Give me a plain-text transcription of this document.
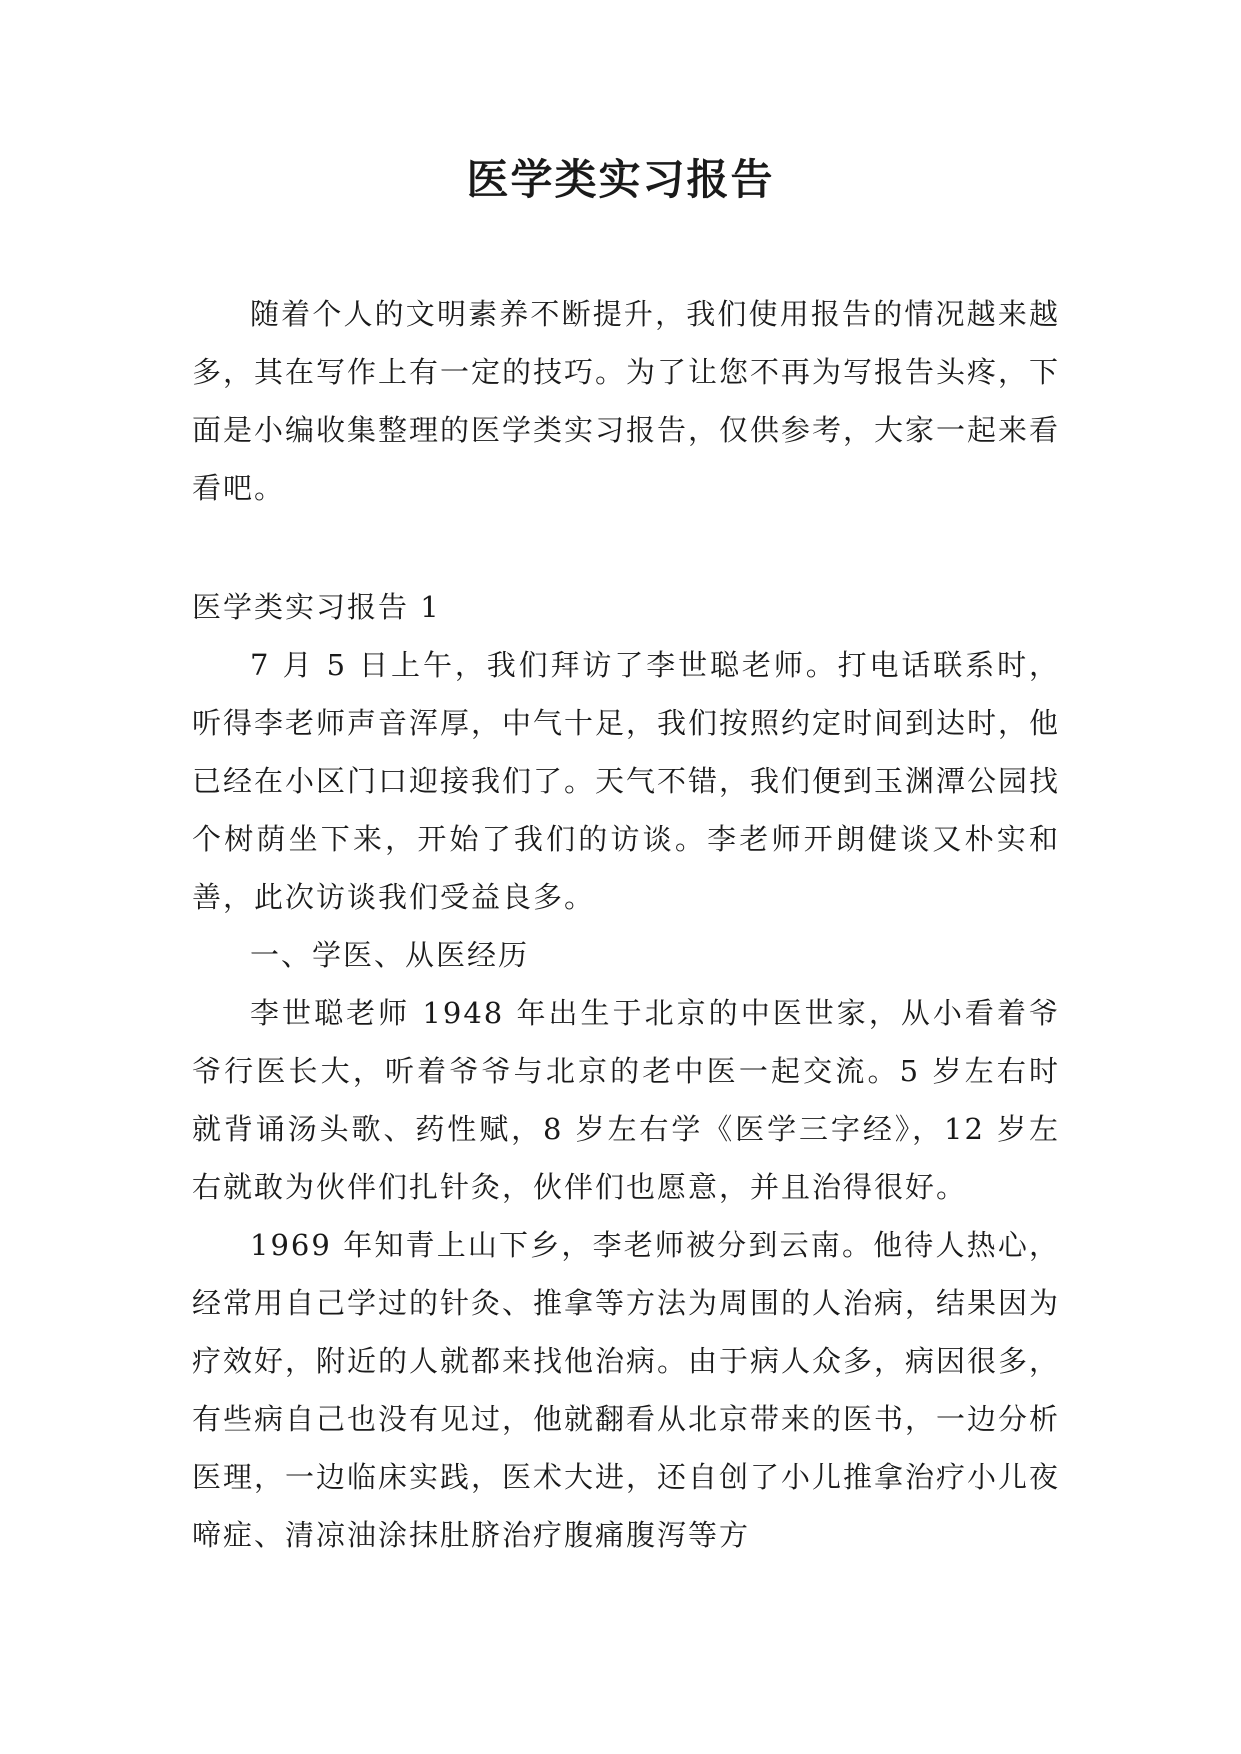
医学类实习报告

随着个人的文明素养不断提升，我们使用报告的情况越来越多，其在写作上有一定的技巧。为了让您不再为写报告头疼，下面是小编收集整理的医学类实习报告，仅供参考，大家一起来看看吧。

医学类实习报告 1

7 月 5 日上午，我们拜访了李世聪老师。打电话联系时，听得李老师声音浑厚，中气十足，我们按照约定时间到达时，他已经在小区门口迎接我们了。天气不错，我们便到玉渊潭公园找个树荫坐下来，开始了我们的访谈。李老师开朗健谈又朴实和善，此次访谈我们受益良多。

一、学医、从医经历

李世聪老师 1948 年出生于北京的中医世家，从小看着爷爷行医长大，听着爷爷与北京的老中医一起交流。5 岁左右时就背诵汤头歌、药性赋，8 岁左右学《医学三字经》，12 岁左右就敢为伙伴们扎针灸，伙伴们也愿意，并且治得很好。

1969 年知青上山下乡，李老师被分到云南。他待人热心，经常用自己学过的针灸、推拿等方法为周围的人治病，结果因为疗效好，附近的人就都来找他治病。由于病人众多，病因很多，有些病自己也没有见过，他就翻看从北京带来的医书，一边分析医理，一边临床实践，医术大进，还自创了小儿推拿治疗小儿夜啼症、清凉油涂抹肚脐治疗腹痛腹泻等方
